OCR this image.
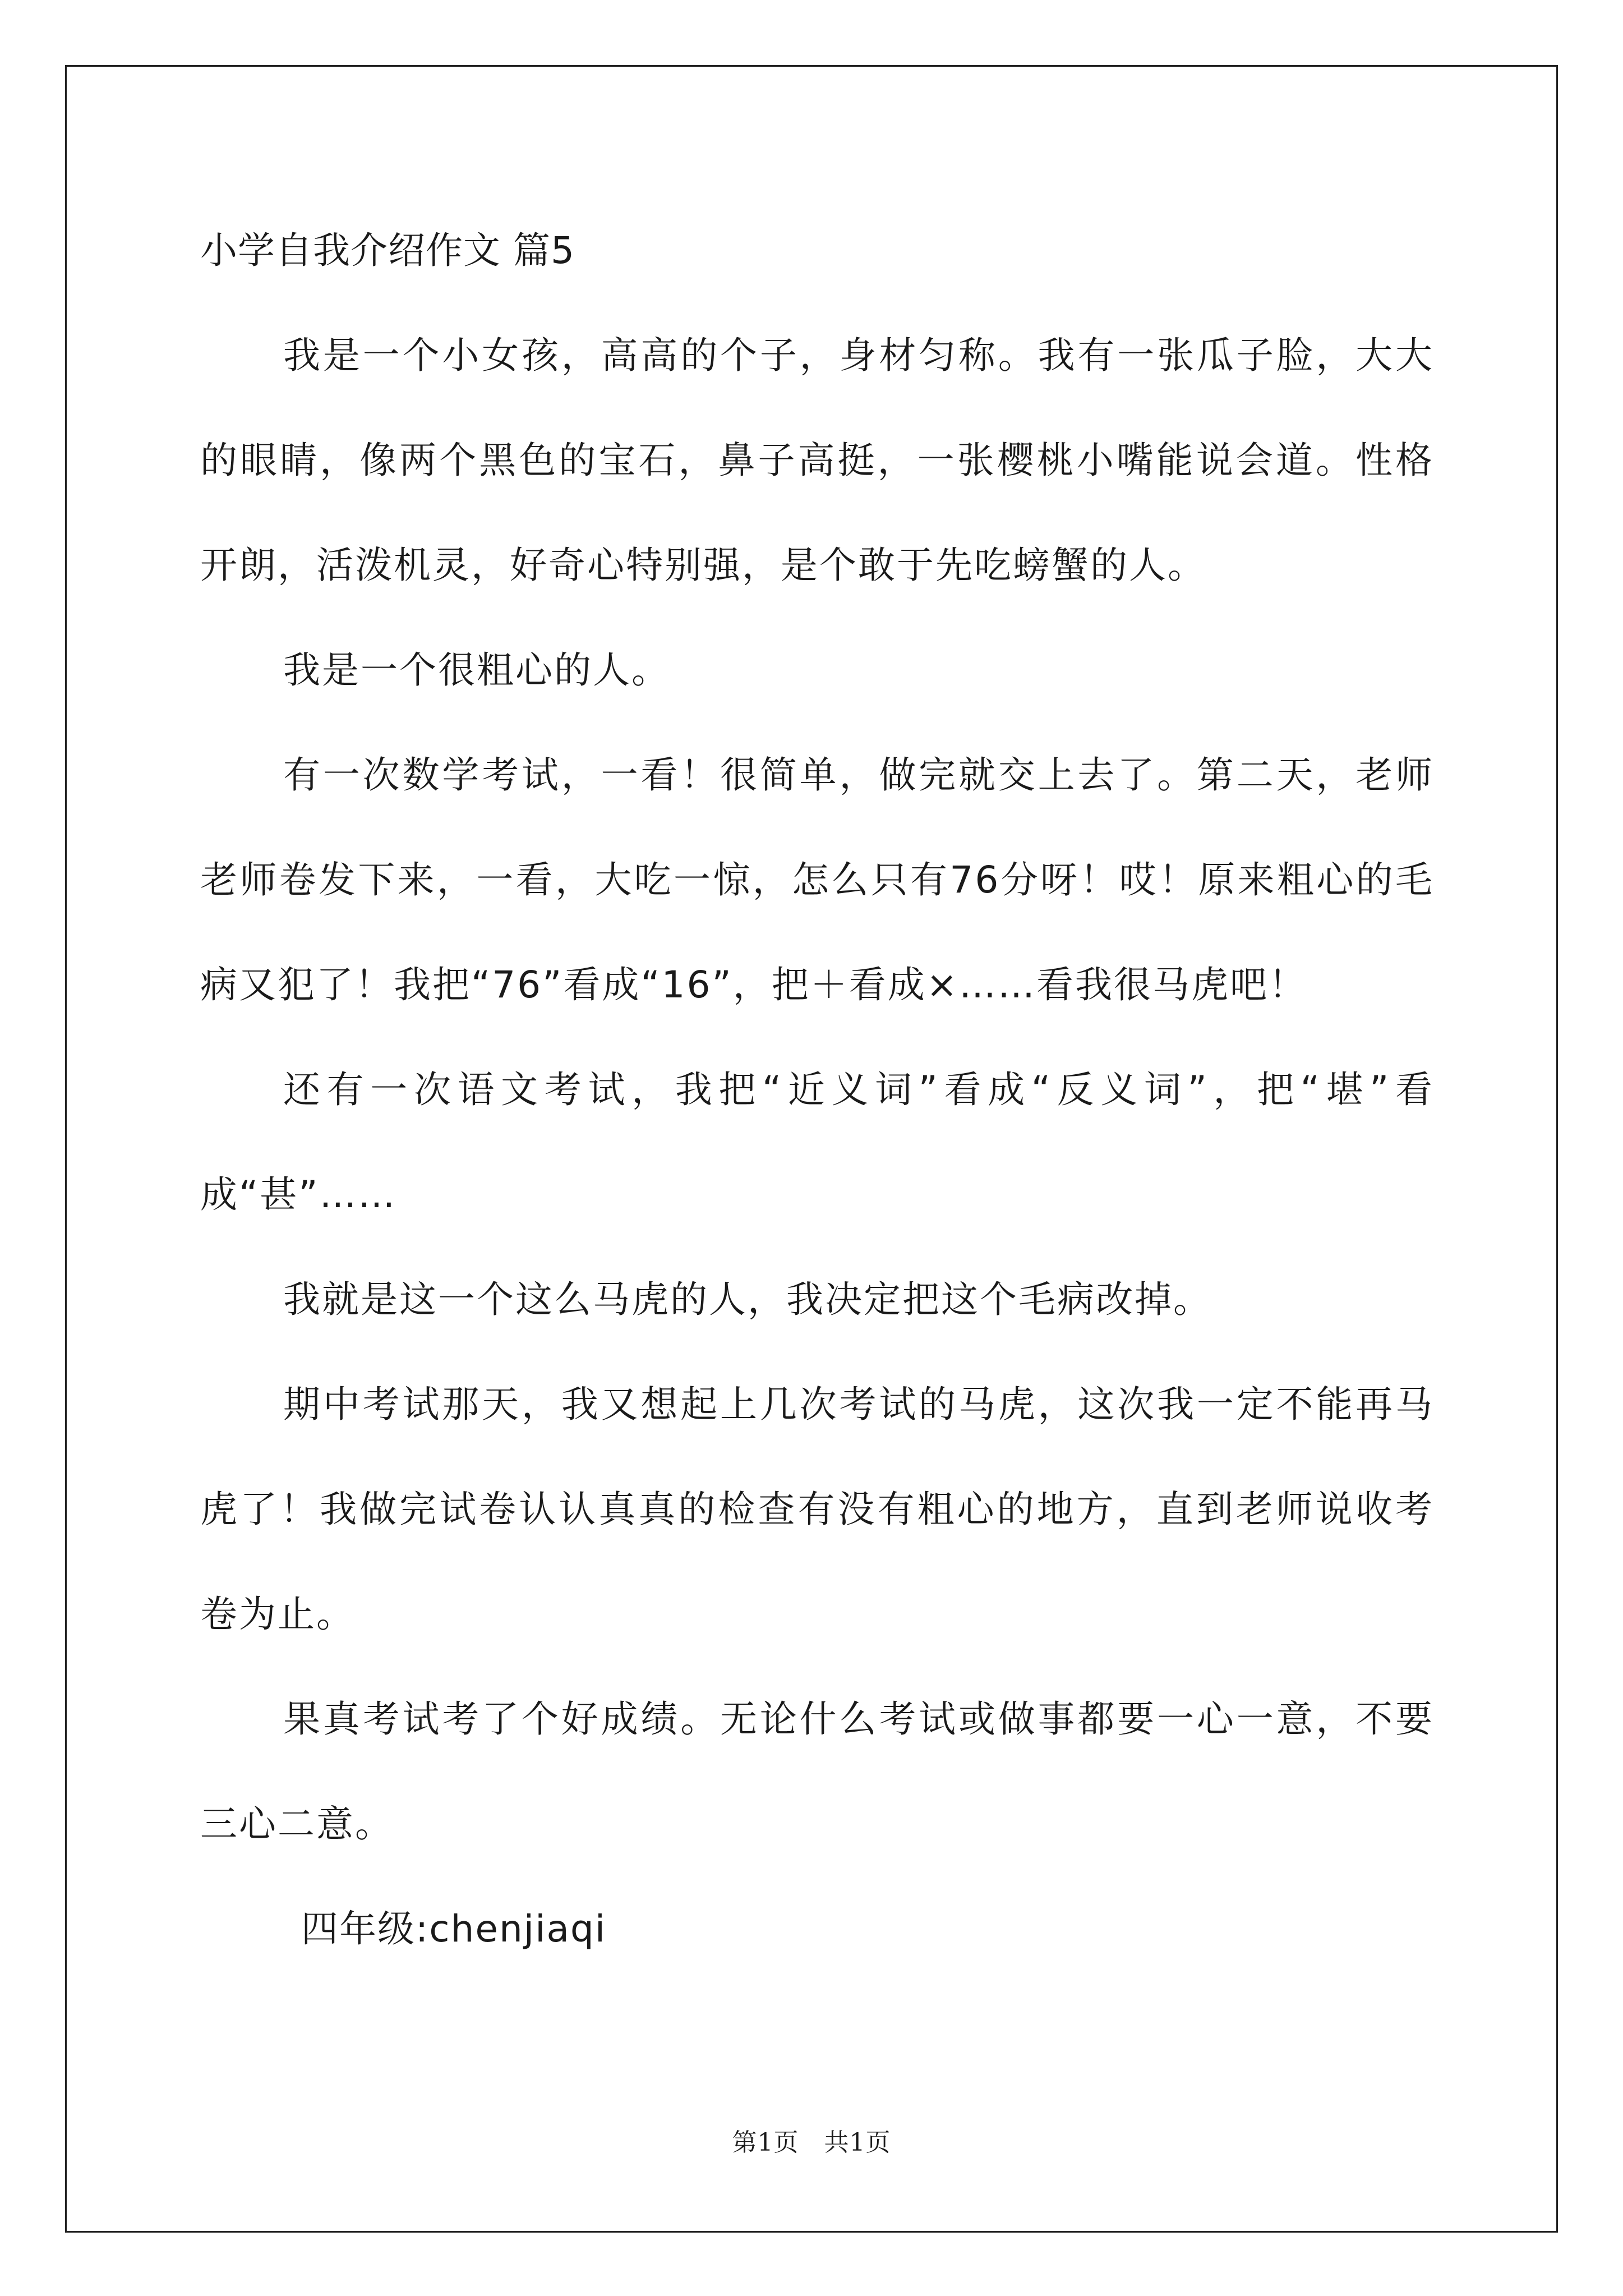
小学自我介绍作文 篇5

我是一个小女孩，高高的个子，身材匀称。我有一张瓜子脸，大大的眼睛，像两个黑色的宝石，鼻子高挺，一张樱桃小嘴能说会道。性格开朗，活泼机灵，好奇心特别强，是个敢于先吃螃蟹的人。

我是一个很粗心的人。

有一次数学考试，一看！很简单，做完就交上去了。第二天，老师老师卷发下来，一看，大吃一惊，怎么只有76分呀！哎！原来粗心的毛病又犯了！我把“76”看成“16”，把＋看成×……看我很马虎吧！

还有一次语文考试，我把“近义词”看成“反义词”，把“堪”看成“甚”……

我就是这一个这么马虎的人，我决定把这个毛病改掉。

期中考试那天，我又想起上几次考试的马虎，这次我一定不能再马虎了！我做完试卷认认真真的检查有没有粗心的地方，直到老师说收考卷为止。

果真考试考了个好成绩。无论什么考试或做事都要一心一意，不要三心二意。

四年级:chenjiaqi

第1页　共1页
